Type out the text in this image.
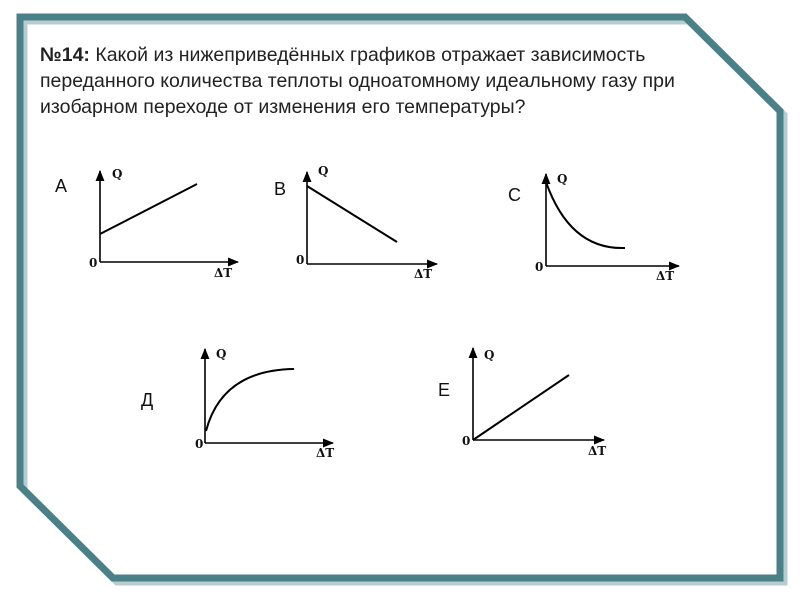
№14: Какой из нижеприведённых графиков отражает зависимость переданного количества теплоты одноатомному идеальному газу при изобарном переходе от изменения его температуры?
A	B	C
Д	E
Q
ΔT
0
Q
ΔT
0
Q
ΔT
0
Q
ΔT
0
Q
ΔT
0
